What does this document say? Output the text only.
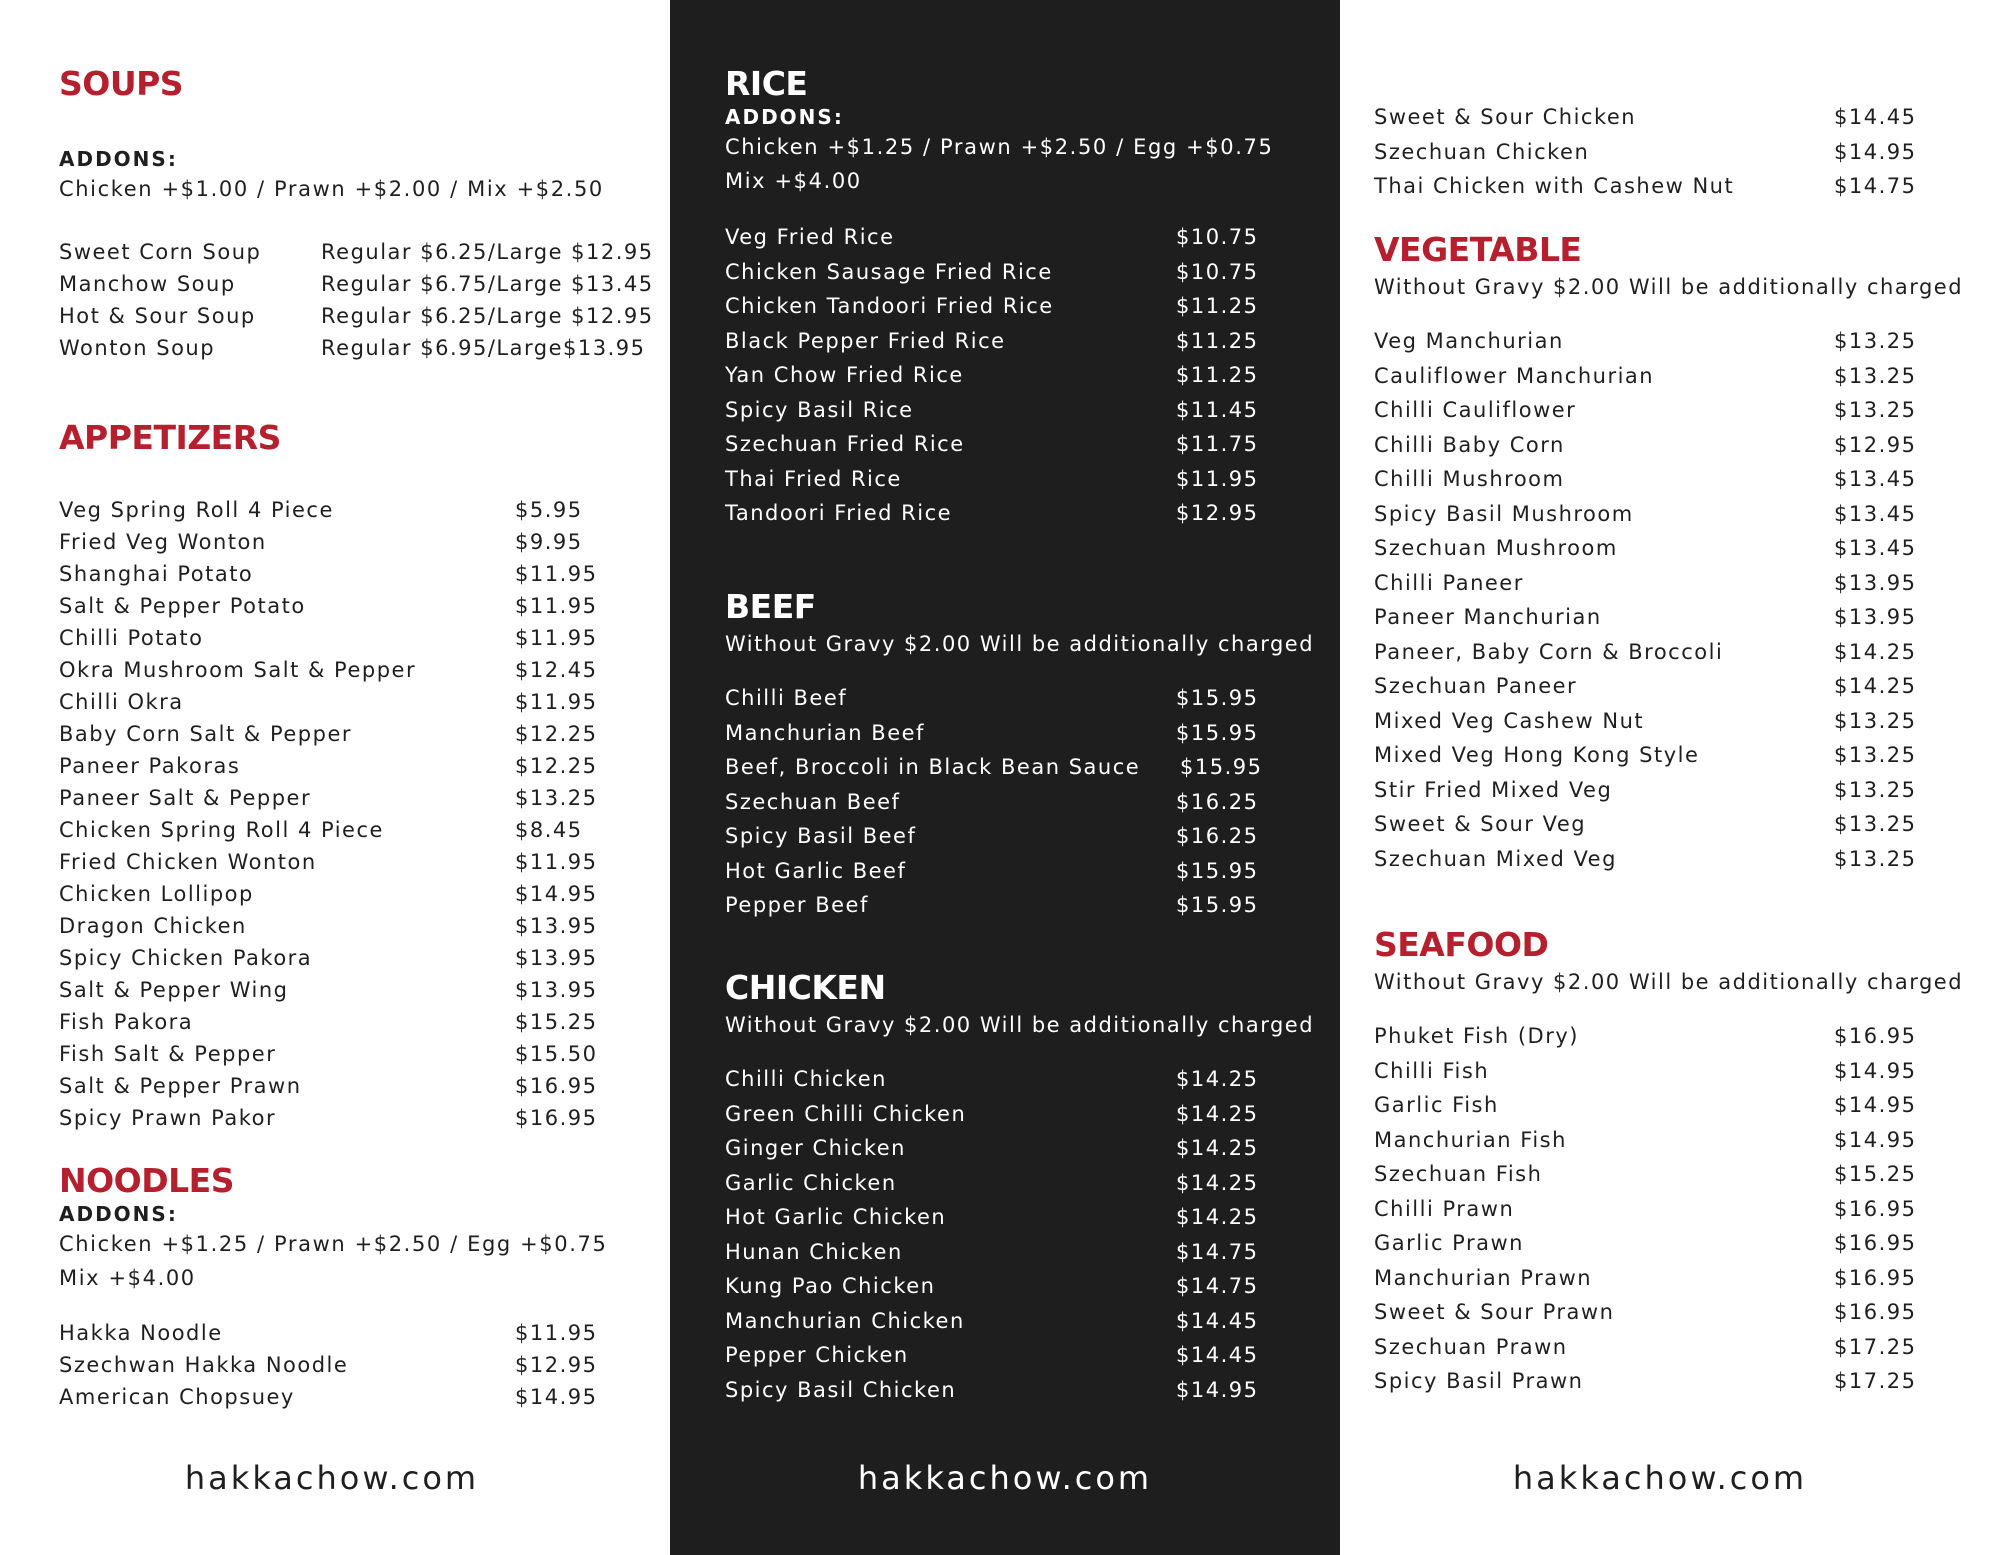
SOUPS
ADDONS:
Chicken +$1.00 / Prawn +$2.00 / Mix +$2.50
Sweet Corn Soup	Regular $6.25/Large $12.95
Manchow Soup	Regular $6.75/Large $13.45
Hot & Sour Soup	Regular $6.25/Large $12.95
Wonton Soup	Regular $6.95/Large$13.95
APPETIZERS
Veg Spring Roll 4 Piece	$5.95
Fried Veg Wonton	$9.95
Shanghai Potato	$11.95
Salt & Pepper Potato	$11.95
Chilli Potato	$11.95
Okra Mushroom Salt & Pepper	$12.45
Chilli Okra	$11.95
Baby Corn Salt & Pepper	$12.25
Paneer Pakoras	$12.25
Paneer Salt & Pepper	$13.25
Chicken Spring Roll 4 Piece	$8.45
Fried Chicken Wonton	$11.95
Chicken Lollipop	$14.95
Dragon Chicken	$13.95
Spicy Chicken Pakora	$13.95
Salt & Pepper Wing	$13.95
Fish Pakora	$15.25
Fish Salt & Pepper	$15.50
Salt & Pepper Prawn	$16.95
Spicy Prawn Pakor	$16.95
NOODLES
ADDONS:
Chicken +$1.25 / Prawn +$2.50 / Egg +$0.75
Mix +$4.00
Hakka Noodle	$11.95
Szechwan Hakka Noodle	$12.95
American Chopsuey	$14.95
hakkachow.com
RICE
ADDONS:
Chicken +$1.25 / Prawn +$2.50 / Egg +$0.75
Mix +$4.00
Veg Fried Rice	$10.75
Chicken Sausage Fried Rice	$10.75
Chicken Tandoori Fried Rice	$11.25
Black Pepper Fried Rice	$11.25
Yan Chow Fried Rice	$11.25
Spicy Basil Rice	$11.45
Szechuan Fried Rice	$11.75
Thai Fried Rice	$11.95
Tandoori Fried Rice	$12.95
BEEF
Without Gravy $2.00 Will be additionally charged
Chilli Beef	$15.95
Manchurian Beef	$15.95
Beef, Broccoli in Black Bean Sauce $15.95
Szechuan Beef	$16.25
Spicy Basil Beef	$16.25
Hot Garlic Beef	$15.95
Pepper Beef	$15.95
CHICKEN
Without Gravy $2.00 Will be additionally charged
Chilli Chicken	$14.25
Green Chilli Chicken	$14.25
Ginger Chicken	$14.25
Garlic Chicken	$14.25
Hot Garlic Chicken	$14.25
Hunan Chicken	$14.75
Kung Pao Chicken	$14.75
Manchurian Chicken	$14.45
Pepper Chicken	$14.45
Spicy Basil Chicken	$14.95
hakkachow.com
Sweet & Sour Chicken	$14.45
Szechuan Chicken	$14.95
Thai Chicken with Cashew Nut	$14.75
VEGETABLE
Without Gravy $2.00 Will be additionally charged
Veg Manchurian	$13.25
Cauliflower Manchurian	$13.25
Chilli Cauliflower	$13.25
Chilli Baby Corn	$12.95
Chilli Mushroom	$13.45
Spicy Basil Mushroom	$13.45
Szechuan Mushroom	$13.45
Chilli Paneer	$13.95
Paneer Manchurian	$13.95
Paneer, Baby Corn & Broccoli	$14.25
Szechuan Paneer	$14.25
Mixed Veg Cashew Nut	$13.25
Mixed Veg Hong Kong Style	$13.25
Stir Fried Mixed Veg	$13.25
Sweet & Sour Veg	$13.25
Szechuan Mixed Veg	$13.25
SEAFOOD
Without Gravy $2.00 Will be additionally charged
Phuket Fish (Dry)	$16.95
Chilli Fish	$14.95
Garlic Fish	$14.95
Manchurian Fish	$14.95
Szechuan Fish	$15.25
Chilli Prawn	$16.95
Garlic Prawn	$16.95
Manchurian Prawn	$16.95
Sweet & Sour Prawn	$16.95
Szechuan Prawn	$17.25
Spicy Basil Prawn	$17.25
hakkachow.com
